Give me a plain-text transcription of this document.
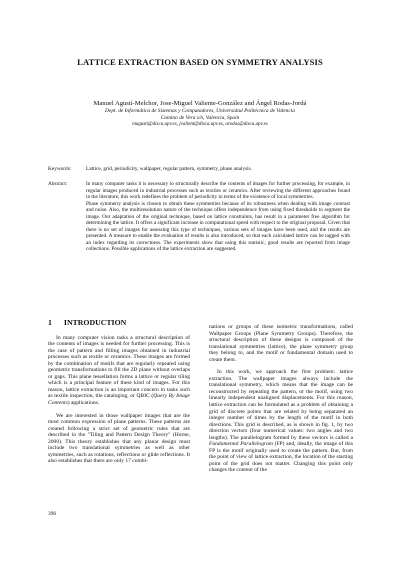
LATTICE EXTRACTION BASED ON SYMMETRY ANALYSIS
Manuel Agustí-Melchor, Jose-Miguel Valiente-González and Ángel Rodas-Jordá
Dept. de Informática de Sistemas y Computadores, Universidad Politécnica de Valencia
Camino de Vera s/n, Valencia, Spain
magusti@disca.upv.es, jvalient@disca.upv.es, arodas@disca.upv.es
Keywords:	Lattice, grid, periodicity, wallpaper, regular pattern, symmetry, phase analysis.
Abstract:	In many computer tasks it is necessary to structurally describe the contents of images for further processing, for example, in regular images produced in industrial processes such as textiles or ceramics. After reviewing the different approaches found in the literature, this work redefines the problem of periodicity in terms of the existence of local symmetries.

Phase symmetry analysis is chosen to obtain these symmetries because of its robustness when dealing with image contrast and noise. Also, the multiresolution nature of the technique offers independence from using fixed thresholds to segment the image. Our adaptation of the original technique, based on lattice constraints, has result in a parameter free algorithm for determining the lattice. It offers a significant increase in computational speed with respect to the original proposal. Given that there is no set of images for assessing this type of techniques, various sets of images have been used, and the results are presented. A measure to enable the evaluation of results is also introduced, so that each calculated lattice can be tagged with an index regarding its correctness. The experiments show that using this statistic, good results are reported from image collections. Possible applications of the lattice extraction are suggested.

1 INTRODUCTION

In many computer vision tasks a structural description of the contents of images is needed for further processing. This is the case of pattern and filling images obtained in industrial processes such as textile or ceramics. These images are formed by the combination of motifs that are regularly repeated using geometric transformations to fill the 2D plane without overlaps or gaps. This plane tessellation forms a lattice or regular tiling which is a principal feature of these kind of images. For this reason, lattice extraction is an important concern in tasks such as textile inspection, tile cataloging, or QBIC (Query By Image Contents) applications.

We are interested in those wallpaper images that are the most common expression of plane patterns. These patterns are created following a strict set of geometric rules that are described in the "Tiling and Pattern Design Theory" (Horne, 2000). This theory establishes that any planar design must include two translational symmetries as well as other symmetries, such as rotations, reflections or glide reflections. It also establishes that there are only 17 combi-

nations or groups of these isometric transformations, called Wallpaper Groups (Plane Symmetry Groups). Therefore, the structural description of these designs is composed of the translational symmetries (lattice), the plane symmetry group they belong to, and the motif or fundamental domain used to create them.

In this work, we approach the first problem: lattice extraction. The wallpaper images always include the translational symmetry, which means that the image can be reconstructed by repeating the pattern, or the motif, using two linearly independent unaligned displacements. For this reason, lattice extraction can be formulated as a problem of obtaining a grid of discrete points that are related by being separated an integer number of times by the length of the motif in both directions. This grid is described, as is shown in fig. 1, by two direction vectors (four numerical values: two angles and two lengths). The parallelogram formed by these vectors is called a Fundamental Parallelogram (FP) and, ideally, the image of this FP is the motif originally used to create the pattern. But, from the point of view of lattice extraction, the location of the starting point of the grid does not matter. Changing this point only changes the content of the

396
